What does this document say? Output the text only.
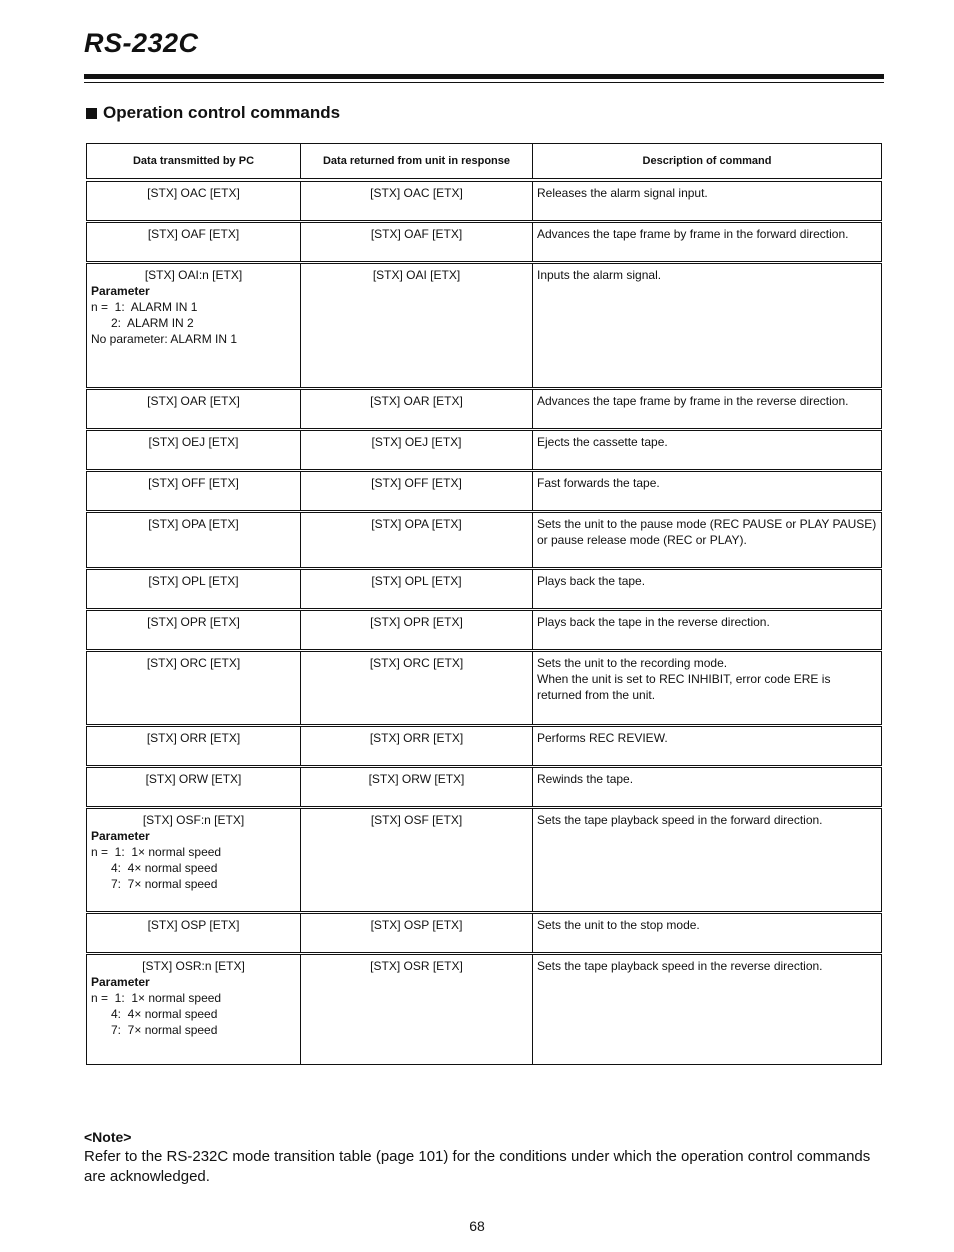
RS-232C
Operation control commands
Data transmitted by PC	Data returned from unit in response	Description of command
[STX] OAC [ETX]	[STX] OAC [ETX]	Releases the alarm signal input.
[STX] OAF [ETX]	[STX] OAF [ETX]	Advances the tape frame by frame in the forward direction.

[STX] OAI:n [ETX]
Parameter
n =  1:  ALARM IN 1
2:  ALARM IN 2
No parameter: ALARM IN 1	[STX] OAI [ETX]	Inputs the alarm signal.
[STX] OAR [ETX]	[STX] OAR [ETX]	Advances the tape frame by frame in the reverse direction.
[STX] OEJ [ETX]	[STX] OEJ [ETX]	Ejects the cassette tape.
[STX] OFF [ETX]	[STX] OFF [ETX]	Fast forwards the tape.
[STX] OPA [ETX]	[STX] OPA [ETX]	Sets the unit to the pause mode (REC PAUSE or PLAY PAUSE) or pause release mode (REC or PLAY).
[STX] OPL [ETX]	[STX] OPL [ETX]	Plays back the tape.
[STX] OPR [ETX]	[STX] OPR [ETX]	Plays back the tape in the reverse direction.
[STX] ORC [ETX]	[STX] ORC [ETX]	Sets the unit to the recording mode.
When the unit is set to REC INHIBIT, error code ERE is returned from the unit.

[STX] ORR [ETX]	[STX] ORR [ETX]	Performs REC REVIEW.
[STX] ORW [ETX]	[STX] ORW [ETX]	Rewinds the tape.

[STX] OSF:n [ETX]
Parameter
n =  1:  1× normal speed
4:  4× normal speed
7:  7× normal speed	[STX] OSF [ETX]	Sets the tape playback speed in the forward direction.
[STX] OSP [ETX]	[STX] OSP [ETX]	Sets the unit to the stop mode.

[STX] OSR:n [ETX]
Parameter
n =  1:  1× normal speed
4:  4× normal speed
7:  7× normal speed	[STX] OSR [ETX]	Sets the tape playback speed in the reverse direction.
<Note>
Refer to the RS-232C mode transition table (page 101) for the conditions under which the operation control commands are acknowledged.
68
